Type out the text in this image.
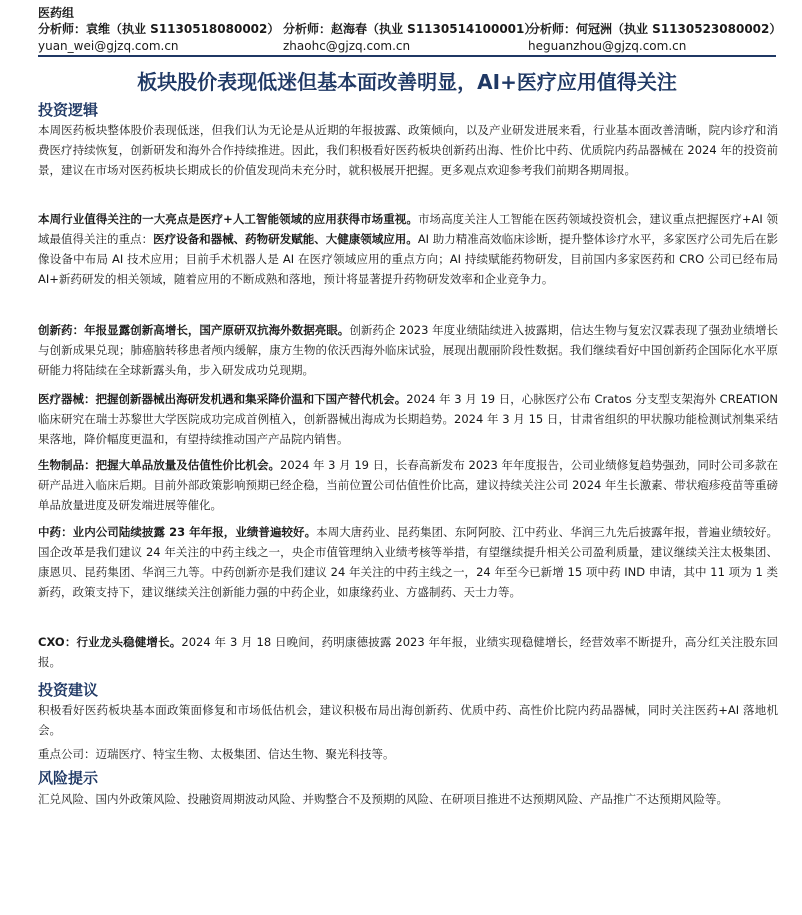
医药组
分析师：袁维（执业 S1130518080002）
yuan_wei@gjzq.com.cn
分析师：赵海春（执业 S1130514100001）
zhaohc@gjzq.com.cn
分析师：何冠洲（执业 S1130523080002）
heguanzhou@gjzq.com.cn
板块股价表现低迷但基本面改善明显，AI+医疗应用值得关注
投资逻辑

本周医药板块整体股价表现低迷，但我们认为无论是从近期的年报披露、政策倾向，以及产业研发进展来看，行业基本面改善清晰，院内诊疗和消费医疗持续恢复，创新研发和海外合作持续推进。因此，我们积极看好医药板块创新药出海、性价比中药、优质院内药品器械在 2024 年的投资前景，建议在市场对医药板块长期成长的价值发现尚未充分时，就积极展开把握。更多观点欢迎参考我们前期各期周报。

本周行业值得关注的一大亮点是医疗+人工智能领域的应用获得市场重视。市场高度关注人工智能在医药领域投资机会，建议重点把握医疗+AI 领域最值得关注的重点：医疗设备和器械、药物研发赋能、大健康领域应用。AI 助力精准高效临床诊断，提升整体诊疗水平，多家医疗公司先后在影像设备中布局 AI 技术应用；目前手术机器人是 AI 在医疗领域应用的重点方向；AI 持续赋能药物研发，目前国内多家医药和 CRO 公司已经布局 AI+新药研发的相关领域，随着应用的不断成熟和落地，预计将显著提升药物研发效率和企业竞争力。

创新药：年报显露创新高增长，国产原研双抗海外数据亮眼。创新药企 2023 年度业绩陆续进入披露期，信达生物与复宏汉霖表现了强劲业绩增长与创新成果兑现；肺癌脑转移患者颅内缓解，康方生物的依沃西海外临床试验，展现出靓丽阶段性数据。我们继续看好中国创新药企国际化水平原研能力将陆续在全球新露头角，步入研发成功兑现期。

医疗器械：把握创新器械出海研发机遇和集采降价温和下国产替代机会。2024 年 3 月 19 日，心脉医疗公布 Cratos 分支型支架海外 CREATION 临床研究在瑞士苏黎世大学医院成功完成首例植入，创新器械出海成为长期趋势。2024 年 3 月 15 日，甘肃省组织的甲状腺功能检测试剂集采结果落地，降价幅度更温和，有望持续推动国产产品院内销售。

生物制品：把握大单品放量及估值性价比机会。2024 年 3 月 19 日，长春高新发布 2023 年年度报告，公司业绩修复趋势强劲，同时公司多款在研产品进入临床后期。目前外部政策影响预期已经企稳，当前位置公司估值性价比高，建议持续关注公司 2024 年生长激素、带状疱疹疫苗等重磅单品放量进度及研发端进展等催化。

中药：业内公司陆续披露 23 年年报，业绩普遍较好。本周大唐药业、昆药集团、东阿阿胶、江中药业、华润三九先后披露年报，普遍业绩较好。国企改革是我们建议 24 年关注的中药主线之一，央企市值管理纳入业绩考核等举措，有望继续提升相关公司盈利质量，建议继续关注太极集团、康恩贝、昆药集团、华润三九等。中药创新亦是我们建议 24 年关注的中药主线之一，24 年至今已新增 15 项中药 IND 申请，其中 11 项为 1 类新药，政策支持下，建议继续关注创新能力强的中药企业，如康缘药业、方盛制药、天士力等。

CXO：行业龙头稳健增长。2024 年 3 月 18 日晚间，药明康德披露 2023 年年报，业绩实现稳健增长，经营效率不断提升，高分红关注股东回报。

投资建议

积极看好医药板块基本面政策面修复和市场低估机会，建议积极布局出海创新药、优质中药、高性价比院内药品器械，同时关注医药+AI 落地机会。

重点公司：迈瑞医疗、特宝生物、太极集团、信达生物、聚光科技等。

风险提示

汇兑风险、国内外政策风险、投融资周期波动风险、并购整合不及预期的风险、在研项目推进不达预期风险、产品推广不达预期风险等。
